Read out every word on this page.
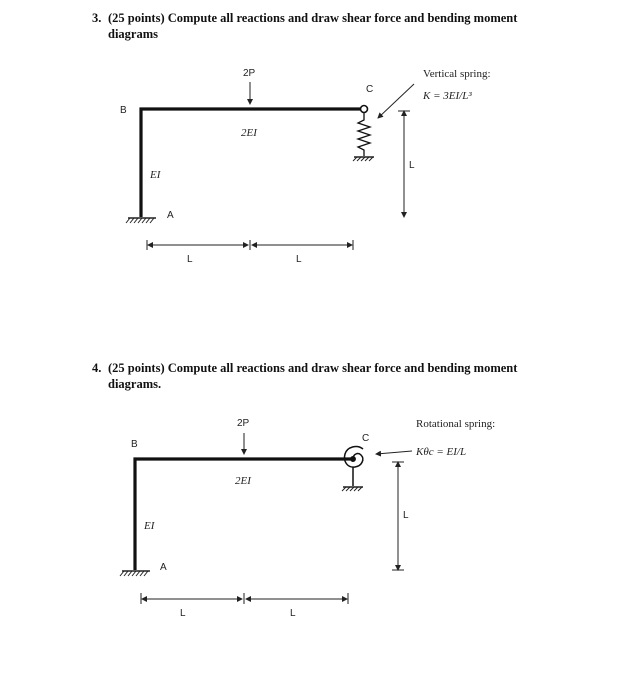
3. (25 points) Compute all reactions and draw shear force and bending moment diagrams
4. (25 points) Compute all reactions and draw shear force and bending moment diagrams.
2P
2EI
EI
B
A
C
Vertical spring:
K = 3EI/L³
L
L	L
2P
2EI
EI
B
A
C
Rotational spring:
Kθc = EI/L
L
L	L
